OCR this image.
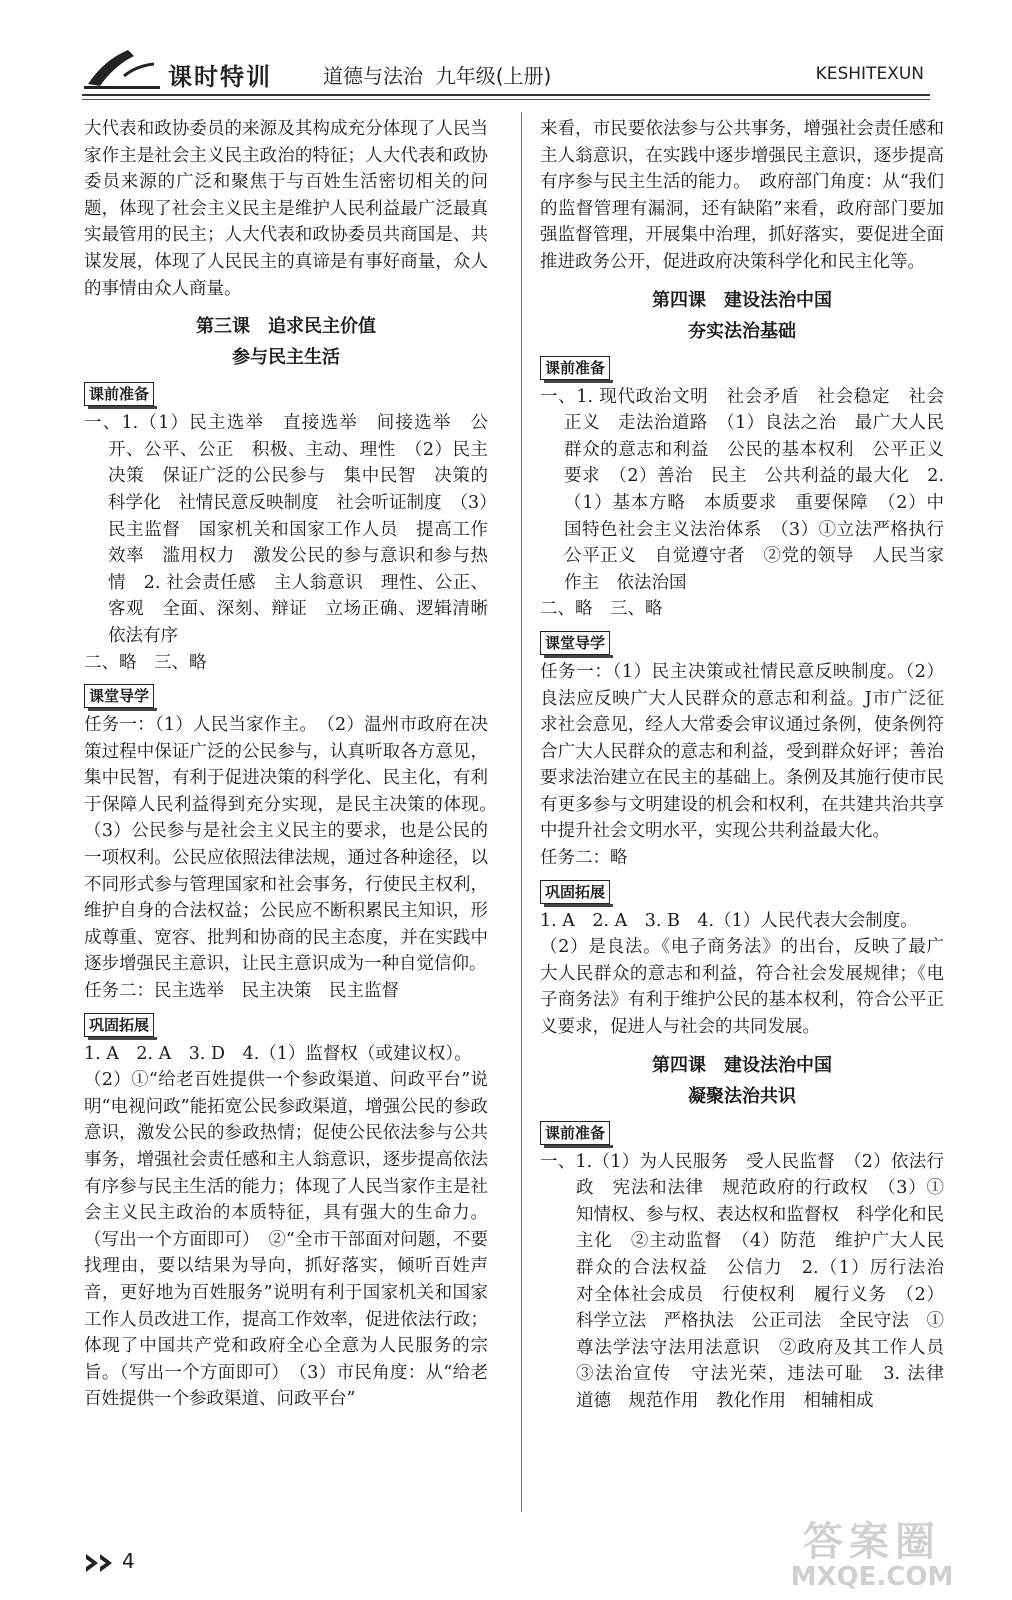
课时特训	道德与法治  九年级(上册)	KESHITEXUN

大代表和政协委员的来源及其构成充分体现了人民当家作主是社会主义民主政治的特征；人大代表和政协委员来源的广泛和聚焦于与百姓生活密切相关的问题，体现了社会主义民主是维护人民利益最广泛最真实最管用的民主；人大代表和政协委员共商国是、共谋发展，体现了人民民主的真谛是有事好商量，众人的事情由众人商量。

第三课　追求民主价值
参与民主生活
课前准备

一、1.（1）民主选举　直接选举　间接选举　公开、公平、公正　积极、主动、理性　（2）民主决策　保证广泛的公民参与　集中民智　决策的科学化　社情民意反映制度　社会听证制度　（3）民主监督　国家机关和国家工作人员　提高工作效率　滥用权力　激发公民的参与意识和参与热情　2. 社会责任感　主人翁意识　理性、公正、客观　全面、深刻、辩证　立场正确、逻辑清晰　依法有序

二、略　三、略

课堂导学

任务一：（1）人民当家作主。　（2）温州市政府在决策过程中保证广泛的公民参与，认真听取各方意见，集中民智，有利于促进决策的科学化、民主化，有利于保障人民利益得到充分实现，是民主决策的体现。　（3）公民参与是社会主义民主的要求，也是公民的一项权利。公民应依照法律法规，通过各种途径，以不同形式参与管理国家和社会事务，行使民主权利，维护自身的合法权益；公民应不断积累民主知识，形成尊重、宽容、批判和协商的民主态度，并在实践中逐步增强民主意识，让民主意识成为一种自觉信仰。

任务二：民主选举　民主决策　民主监督

巩固拓展

1. A　2. A　3. D　4.（1）监督权（或建议权）。

（2）①“给老百姓提供一个参政渠道、问政平台”说明“电视问政”能拓宽公民参政渠道，增强公民的参政意识，激发公民的参政热情；促使公民依法参与公共事务，增强社会责任感和主人翁意识，逐步提高依法有序参与民主生活的能力；体现了人民当家作主是社会主义民主政治的本质特征，具有强大的生命力。（写出一个方面即可）　②“全市干部面对问题，不要找理由，要以结果为导向，抓好落实，倾听百姓声音，更好地为百姓服务”说明有利于国家机关和国家工作人员改进工作，提高工作效率，促进依法行政；体现了中国共产党和政府全心全意为人民服务的宗旨。（写出一个方面即可）　（3）市民角度：从“给老百姓提供一个参政渠道、问政平台”

来看，市民要依法参与公共事务，增强社会责任感和主人翁意识，在实践中逐步增强民主意识，逐步提高有序参与民主生活的能力。　政府部门角度：从“我们的监督管理有漏洞，还有缺陷”来看，政府部门要加强监督管理，开展集中治理，抓好落实，要促进全面推进政务公开，促进政府决策科学化和民主化等。

第四课　建设法治中国
夯实法治基础
课前准备

一、1. 现代政治文明　社会矛盾　社会稳定　社会正义　走法治道路　（1）良法之治　最广大人民群众的意志和利益　公民的基本权利　公平正义要求　（2）善治　民主　公共利益的最大化　2.（1）基本方略　本质要求　重要保障　（2）中国特色社会主义法治体系　（3）①立法严格执行　公平正义　自觉遵守者　②党的领导　人民当家作主　依法治国

二、略　三、略

课堂导学

任务一：（1）民主决策或社情民意反映制度。（2）良法应反映广大人民群众的意志和利益。J市广泛征求社会意见，经人大常委会审议通过条例，使条例符合广大人民群众的意志和利益，受到群众好评；善治要求法治建立在民主的基础上。条例及其施行使市民有更多参与文明建设的机会和权利，在共建共治共享中提升社会文明水平，实现公共利益最大化。

任务二：略

巩固拓展

1. A　2. A　3. B　4.（1）人民代表大会制度。

（2）是良法。《电子商务法》的出台，反映了最广大人民群众的意志和利益，符合社会发展规律；《电子商务法》有利于维护公民的基本权利，符合公平正义要求，促进人与社会的共同发展。

第四课　建设法治中国
凝聚法治共识
课前准备

一、1.（1）为人民服务　受人民监督　（2）依法行政　宪法和法律　规范政府的行政权　（3）①知情权、参与权、表达权和监督权　科学化和民主化　②主动监督　（4）防范　维护广大人民群众的合法权益　公信力　2.（1）厉行法治　对全体社会成员　行使权利　履行义务　（2）科学立法　严格执法　公正司法　全民守法　①尊法学法守法用法意识　②政府及其工作人员　③法治宣传　守法光荣，违法可耻　3. 法律　道德　规范作用　教化作用　相辅相成

4	答案圈
MXQE.COM
